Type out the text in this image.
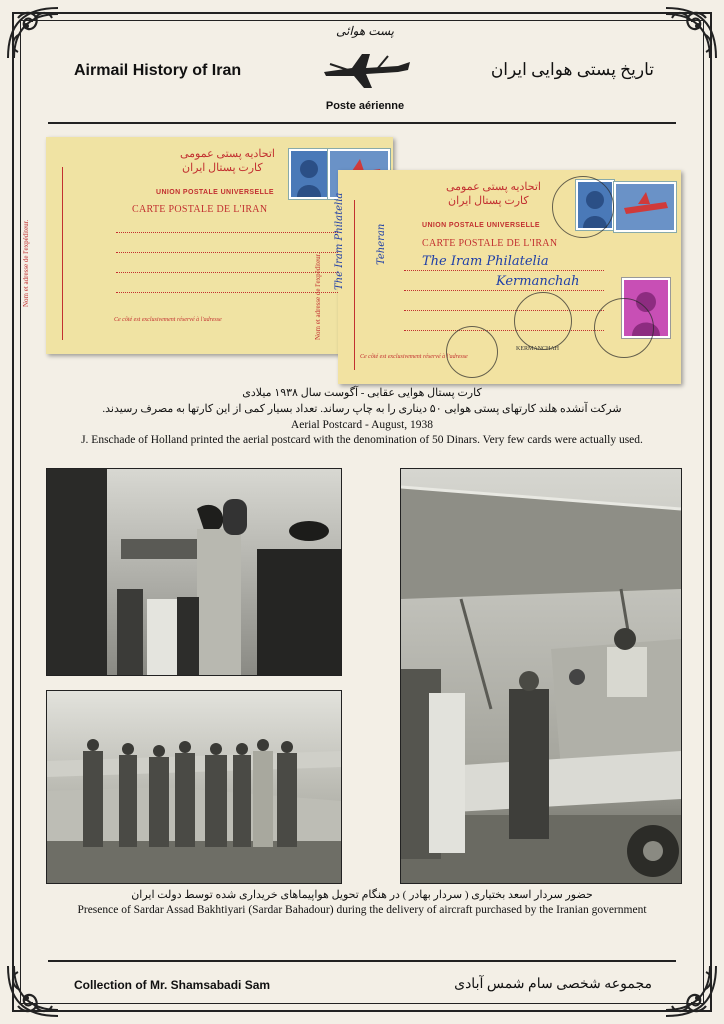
Airmail History of Iran	تاریخ پستی هوایی ایران
پست هوائی
Poste aérienne
Nom et adresse de l'expéditeur.
اتحادیه پستی عمومی
کارت پستال ایران
UNION POSTALE UNIVERSELLE
CARTE POSTALE DE L'IRAN
Ce côté est exclusivement réservé à l'adresse	Nom et adresse de l'expéditeur.
The Iram Philatelia	Teheran
اتحادیه پستی عمومی
کارت پستال ایران
UNION POSTALE UNIVERSELLE
CARTE POSTALE DE L'IRAN
The Iram Philatelia
Kermanchah
Ce côté est exclusivement réservé à l'adresse
KERMANCHAH
کارت پستال هوایی عقابی - آگوست سال ۱۹۳۸ میلادی
شرکت آنشده هلند کارتهای پستی هوایی ۵۰ دیناری را به چاپ رساند. تعداد بسیار کمی از این کارتها به مصرف رسیدند.
Aerial Postcard - August, 1938
J. Enschade of Holland printed the aerial postcard with the denomination of 50 Dinars. Very few cards were actually used.
حضور سردار اسعد بختیاری ( سردار بهادر ) در هنگام تحویل هواپیماهای خریداری شده توسط دولت ایران
Presence of Sardar Assad Bakhtiyari (Sardar Bahadour) during the delivery of aircraft purchased by the Iranian government
Collection of Mr. Shamsabadi Sam	مجموعه شخصی سام شمس آبادی
